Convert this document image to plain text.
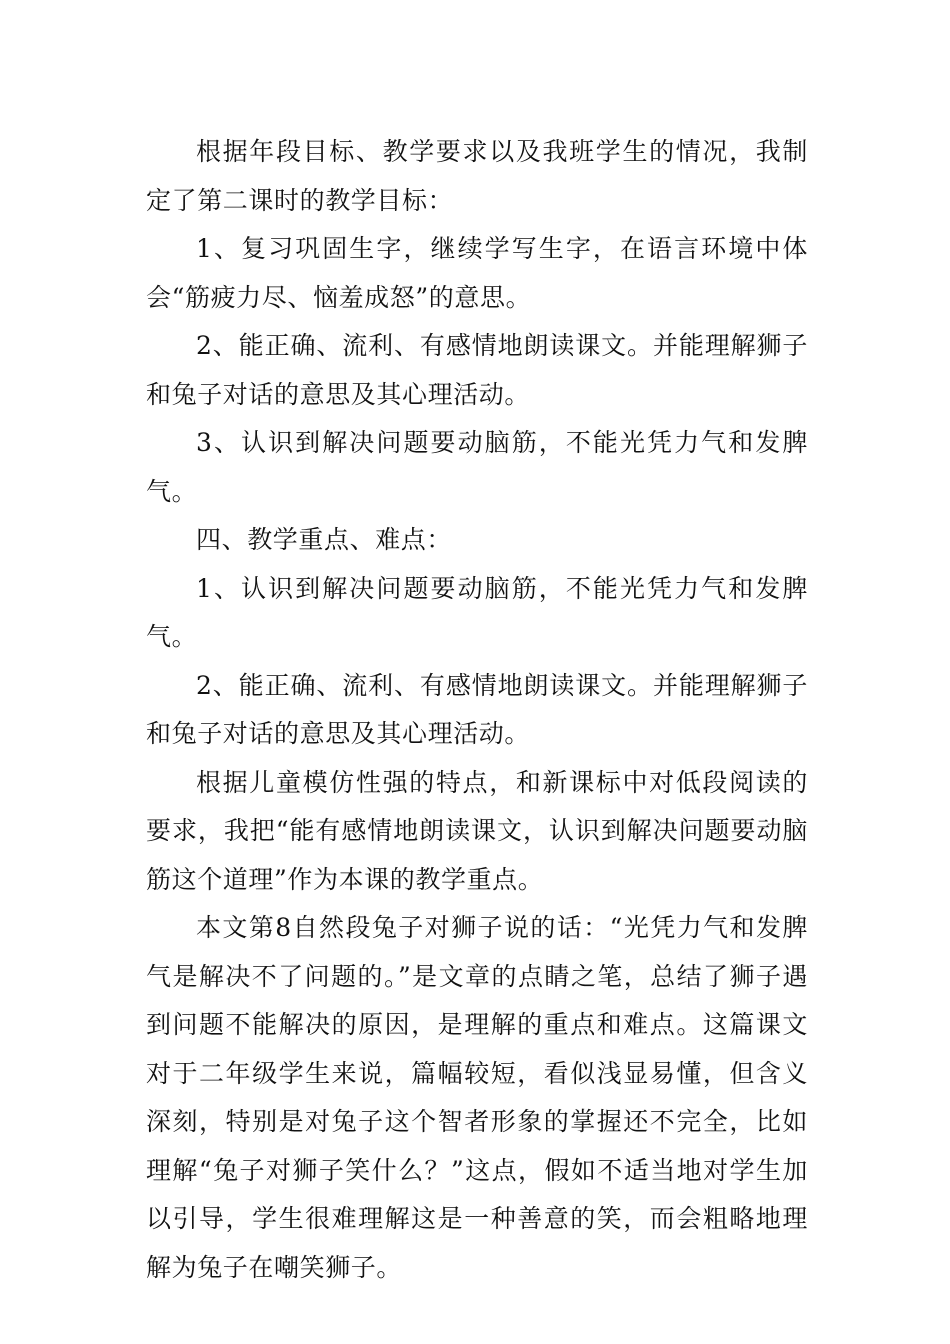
根据年段目标、教学要求以及我班学生的情况，我制定了第二课时的教学目标：

1、复习巩固生字，继续学写生字，在语言环境中体会“筋疲力尽、恼羞成怒”的意思。

2、能正确、流利、有感情地朗读课文。并能理解狮子和兔子对话的意思及其心理活动。

3、认识到解决问题要动脑筋，不能光凭力气和发脾气。

四、教学重点、难点：

1、认识到解决问题要动脑筋，不能光凭力气和发脾气。

2、能正确、流利、有感情地朗读课文。并能理解狮子和兔子对话的意思及其心理活动。

根据儿童模仿性强的特点，和新课标中对低段阅读的要求，我把“能有感情地朗读课文，认识到解决问题要动脑筋这个道理”作为本课的教学重点。

本文第8自然段兔子对狮子说的话：“光凭力气和发脾气是解决不了问题的。”是文章的点睛之笔，总结了狮子遇到问题不能解决的原因，是理解的重点和难点。这篇课文对于二年级学生来说，篇幅较短，看似浅显易懂，但含义深刻，特别是对兔子这个智者形象的掌握还不完全，比如理解“兔子对狮子笑什么？”这点，假如不适当地对学生加以引导，学生很难理解这是一种善意的笑，而会粗略地理解为兔子在嘲笑狮子。
